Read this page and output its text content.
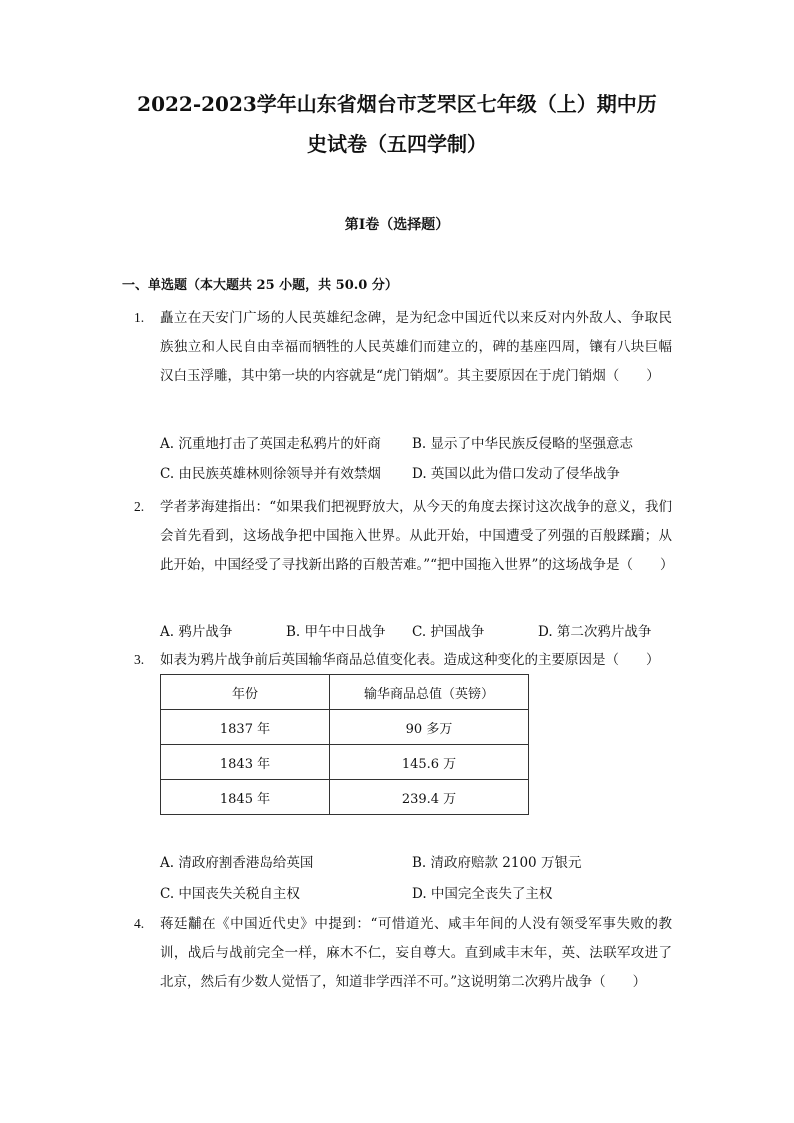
2022-2023学年山东省烟台市芝罘区七年级（上）期中历
史试卷（五四学制）
第I卷（选择题）
一、单选题（本大题共 25 小题，共 50.0 分）
1. 矗立在天安门广场的人民英雄纪念碑，是为纪念中国近代以来反对内外敌人、争取民族独立和人民自由幸福而牺牲的人民英雄们而建立的，碑的基座四周，镶有八块巨幅汉白玉浮雕，其中第一块的内容就是“虎门销烟”。其主要原因在于虎门销烟（　　）
A. 沉重地打击了英国走私鸦片的奸商 B. 显示了中华民族反侵略的坚强意志
C. 由民族英雄林则徐领导并有效禁烟 D. 英国以此为借口发动了侵华战争
2. 学者茅海建指出：“如果我们把视野放大，从今天的角度去探讨这次战争的意义，我们会首先看到，这场战争把中国拖入世界。从此开始，中国遭受了列强的百般蹂躏；从此开始，中国经受了寻找新出路的百般苦难。”“把中国拖入世界”的这场战争是（　　）
A. 鸦片战争	B. 甲午中日战争 C. 护国战争	D. 第二次鸦片战争
3. 如表为鸦片战争前后英国输华商品总值变化表。造成这种变化的主要原因是（　　）
年份	输华商品总值（英镑）
1837 年	90 多万
1843 年	145.6 万
1845 年	239.4 万
A. 清政府割香港岛给英国	B. 清政府赔款 2100 万银元
C. 中国丧失关税自主权	D. 中国完全丧失了主权
4. 蒋廷黼在《中国近代史》中提到：“可惜道光、咸丰年间的人没有领受军事失败的教训，战后与战前完全一样，麻木不仁，妄自尊大。直到咸丰末年，英、法联军攻进了北京，然后有少数人觉悟了，知道非学西洋不可。”这说明第二次鸦片战争（　　）
